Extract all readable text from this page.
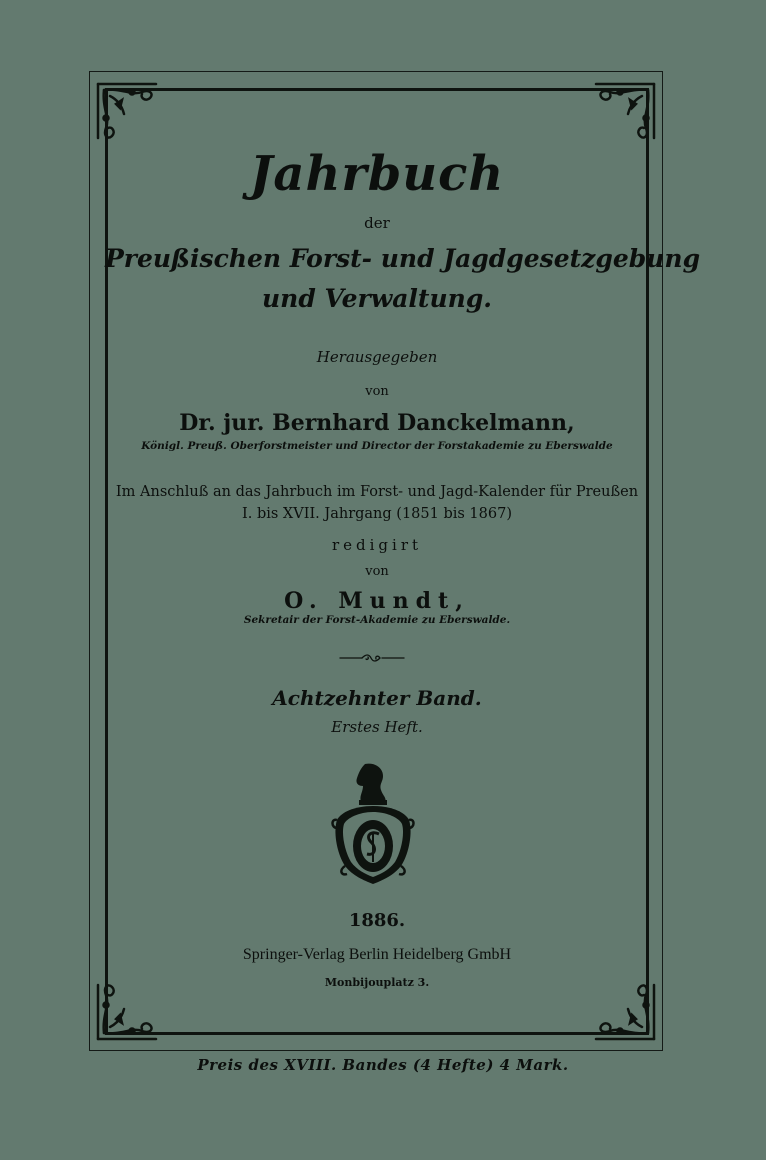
Jahrbuch
der
Preußischen Forst- und Jagdgesetzgebung
und Verwaltung.
Herausgegeben
von
Dr. jur. Bernhard Danckelmann,
Königl. Preuß. Oberforstmeister und Director der Forstakademie zu Eberswalde
Im Anschluß an das Jahrbuch im Forst- und Jagd-Kalender für Preußen
I. bis XVII. Jahrgang (1851 bis 1867)
redigirt
von
O. Mundt,
Sekretair der Forst-Akademie zu Eberswalde.
Achtzehnter Band.
Erstes Heft.
1886.
Springer-Verlag Berlin Heidelberg GmbH
Monbijouplatz 3.
Preis des XVIII. Bandes (4 Hefte) 4 Mark.
